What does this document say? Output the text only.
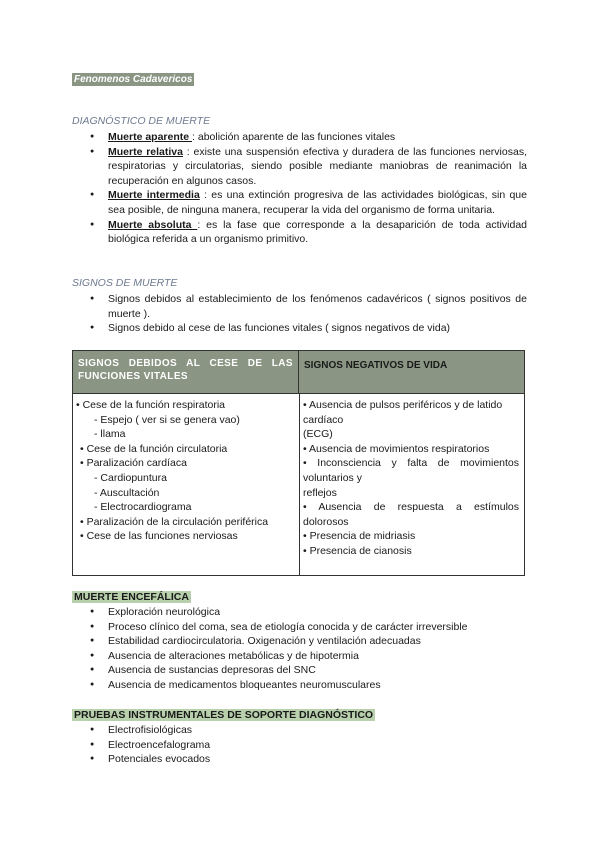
Fenomenos Cadavericos
DIAGNÓSTICO DE MUERTE
● Muerte aparente : abolición aparente de las funciones vitales
● Muerte relativa : existe una suspensión efectiva y duradera de las funciones nerviosas, respiratorias y circulatorias, siendo posible mediante maniobras de reanimación la recuperación en algunos casos.
● Muerte intermedia : es una extinción progresiva de las actividades biológicas, sin que sea posible, de ninguna manera, recuperar la vida del organismo de forma unitaria.
● Muerte absoluta : es la fase que corresponde a la desaparición de toda actividad biológica referida a un organismo primitivo.
SIGNOS DE MUERTE
● Signos debidos al establecimiento de los fenómenos cadavéricos ( signos positivos de muerte ).
● Signos debido al cese de las funciones vitales ( signos negativos de vida)
SIGNOS DEBIDOS AL CESE DE LAS FUNCIONES VITALES
SIGNOS NEGATIVOS DE VIDA
• Cese de la función respiratoria
- Espejo ( ver si se genera vao)
- llama
• Cese de la función circulatoria
• Paralización cardíaca
- Cardiopuntura
- Auscultación
- Electrocardiograma
• Paralización de la circulación periférica
• Cese de las funciones nerviosas
• Ausencia de pulsos periféricos y de latido
cardíaco
(ECG)
• Ausencia de movimientos respiratorios
• Inconsciencia y falta de movimientos
voluntarios y
reflejos
• Ausencia de respuesta a estímulos
dolorosos
• Presencia de midriasis
• Presencia de cianosis
MUERTE ENCEFÁLICA
● Exploración neurológica
● Proceso clínico del coma, sea de etiología conocida y de carácter irreversible
● Estabilidad cardiocirculatoria. Oxigenación y ventilación adecuadas
● Ausencia de alteraciones metabólicas y de hipotermia
● Ausencia de sustancias depresoras del SNC
● Ausencia de medicamentos bloqueantes neuromusculares
PRUEBAS INSTRUMENTALES DE SOPORTE DIAGNÓSTICO
● Electrofisiológicas
● Electroencefalograma
● Potenciales evocados
